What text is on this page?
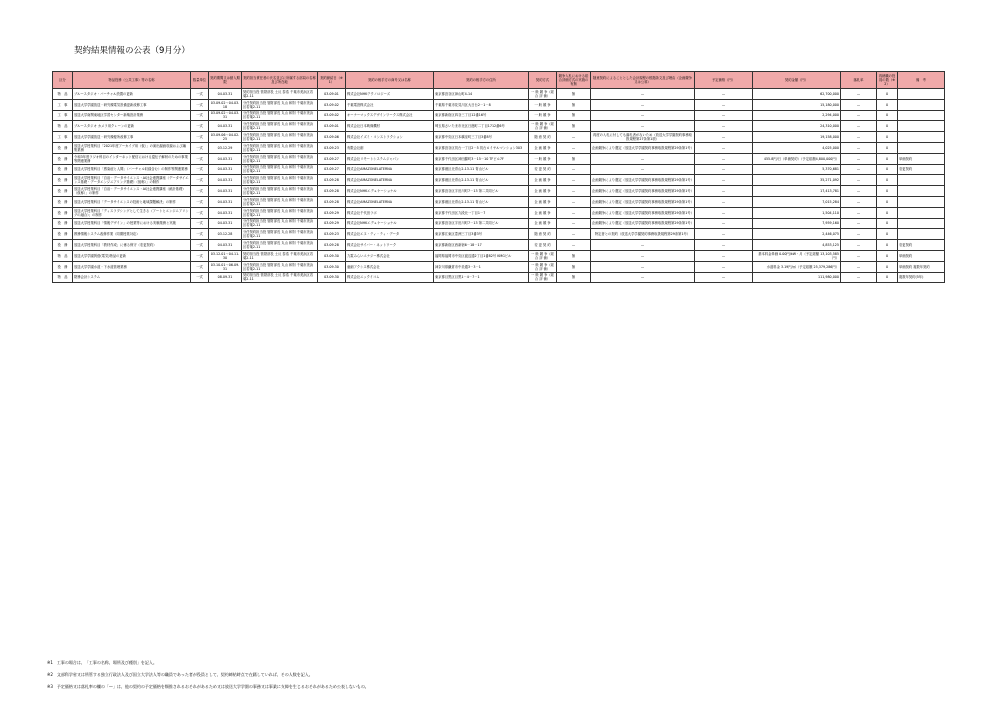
契約結果情報の公表（9月分）
区分	物品役務（公共工事）等の名称	数量単位	契約期間又は納入期限	契約担当責任者の氏名並びに所属する部局の名称及び所在地	契約締結日（※1）	契約の相手方の商号又は名称	契約の相手方の住所	契約方式	競争入札における総合評価方式の実施の有無	随意契約によることとした会計規程の根拠条文及び理由（企画競争又は公募）	予定価格（円）	契約金額（円）	落札率	再就職の役員の数（※2）	備　考
物　品	ブルースタジオ・バーチャル設置の更新	一式	04.03.31	契約担当役 管財部長 土反 泰浩 千葉市美浜区若葉2-11	03.09.01	株式会社NHKテクノロジーズ	東京都渋谷区神山町4-14	一 般 競 争（総 合 評 価）	無	—	—	62,700,000	—	0	
工　事	放送大学学園放送・研究棟電気設備更新改修工事	一式	03.09.02～04.03.18	分任契約担当役 管財部長 丸山 和則 千葉市美浜区若葉2-11	03.09.02	千葉電設株式会社	千葉県千葉市花見川区大日台2－1－8	一 般 競 争	無	—	—	15,180,000	—	0	
工　事	放送大学南関東地区学習センター新築設計業務	一式	03.09.02～04.03.31	分任契約担当役 管財部長 丸山 和則 千葉市美浜区若葉2-11	03.09.02	オーナーマックスデザインワークス株式会社	東京都新宿区四谷三丁目12番16号	一 般 競 争	無	—	—	2,294,000	—	0	
物　品	ブルースタジオ カメラ用クレーンの更新	一式	04.03.31	分任契約担当役 管財部長 丸山 和則 千葉市美浜区若葉2-11	03.09.01	株式会社日本映像機材	埼玉県さいたま市北区日進町二丁目1712番6号	一 般 競 争（総 合 評 価）	無	—	—	24,310,000	—	0	
工　事	放送大学学園放送・研究棟便所改修工事	一式	03.09.06～04.02.25	分任契約担当役 管財部長 丸山 和則 千葉市美浜区若葉2-11	03.09.06	株式会社イズミ・コンストラクション	東京都中央区日本橋室町三丁目3番8号	随 意 契 約	—	再度の入札に付しても落札者がないため（放送大学学園契約事務取扱規程第27条第1項）	—	19,158,000	—	0	
役　務	放送大学授業科目「2021年度アーカイブ用（仮）」の演出録画収録および編集業務	一式	03.12.29	分任契約担当役 管財部長 丸山 和則 千葉市美浜区若葉2-11	03.09.23	有限会社創	東京都渋谷区初台一丁目2－5 初台ロイヤルマンション303	企 画 競 争	—	企画競争により選定（放送大学学園契約事務取扱規程第29条第1号）	—	4,025,000	—	0	
役　務	令和3年度ラジオ科目のインターネット配信における遺伝子解析のための事業等関連業務	一式	04.03.31	分任契約担当役 管財部長 丸山 和則 千葉市美浜区若葉2-11	03.09.27	株式会社リモートシステムジャパン	東京都千代田区神田錦町3－15－10 TFビル7F	一 般 競 争	無	—	—	455.8円/日（単価契約）（予定総額4,800,000円）	—	0	単価契約
役　務	放送大学授業科目「感染症と人間」（バーチャル収録含む）の制作等関連業務	一式	04.03.31	分任契約担当役 管財部長 丸山 和則 千葉市美浜区若葉2-11	03.09.27	株式会社AMAZONELATERNA	東京都港区北青山2-13-11 青山ビル	変 更 契 約	—	—	—	5,370,681	—	0	変更契約
役　務	放送大学授業科目「自治・データサイエンス・AI社会連携講座（データサイエンス基礎・データエンジニアリング基礎）（仮称）」の制作	一式	04.03.31	分任契約担当役 管財部長 丸山 和則 千葉市美浜区若葉2-11	03.09.28	株式会社AMAZONELATERNA	東京都港区北青山2-13-11 青山ビル	企 画 競 争	—	企画競争により選定（放送大学学園契約事務取扱規程第29条第1号）	—	35,271,092	—	0	
役　務	放送大学授業科目「自治・データサイエンス・AI社会連携講座（統計基礎）（仮称）」の制作	一式	04.03.31	分任契約担当役 管財部長 丸山 和則 千葉市美浜区若葉2-11	03.09.28	株式会社NHKエデュケーショナル	東京都渋谷区宇田川町7－13 第二共同ビル	企 画 競 争	—	企画競争により選定（放送大学学園契約事務取扱規程第29条第1号）	—	17,413,781	—	0	
役　務	放送大学授業科目「データサイエンスの技術と地域課題解決」の制作	一式	04.03.31	分任契約担当役 管財部長 丸山 和則 千葉市美浜区若葉2-11	03.09.28	株式会社AMAZONELATERNA	東京都港区北青山2-13-11 青山ビル	企 画 競 争	—	企画競争により選定（放送大学学園契約事務取扱規程第29条第1号）	—	7,015,284	—	0	
役　務	放送大学授業科目「ディスラプシングとして生きる（アートとエンジニアリングの融合）」の制作	一式	04.03.31	分任契約担当役 管財部長 丸山 和則 千葉市美浜区若葉2-11	03.09.29	株式会社千代田ラボ	東京都千代田区九段北一丁目1－7	企 画 競 争	—	企画競争により選定（放送大学学園契約事務取扱規程第29条第1号）	—	1,504,110	—	0	
役　務	放送大学授業科目「情報デザイン」の授業等における実験業務と実施	一式	04.03.31	分任契約担当役 管財部長 丸山 和則 千葉市美浜区若葉2-11	03.09.29	株式会社NHKエデュケーショナル	東京都渋谷区宇田川町7－13 第二共同ビル	企 画 競 争	—	企画競争により選定（放送大学学園契約事務取扱規程第29条第1号）	—	7,959,160	—	0	
役　務	教務情報システム改修作業（同期授業対応）	一式	03.12.28	分任契約担当役 管財部長 丸山 和則 千葉市美浜区若葉2-11	03.09.23	株式会社エヌ・ティ・ティ・データ	東京都江東区豊洲三丁目3番3号	随 意 契 約	—	特定者との契約（放送大学学園契約事務取扱規程第29条第1号）	—	2,446,075	—	0	
役　務	放送大学授業科目「教材作成」に係る保守（変更契約）	一式	04.03.31	分任契約担当役 管財部長 丸山 和則 千葉市美浜区若葉2-11	03.09.28	株式会社サイバー・ネットワーク	東京都新宿区西新宿6－18－17	変 更 契 約	—	—	—	4,853,125	—	0	変更契約
物　品	放送大学学園賃借(電気)物品の更新	一式	03.12.01～04.11.30	契約担当役 管財部長 土反 泰浩 千葉市美浜区若葉2-11	03.09.30	九電みらいエナジー株式会社	福岡県福岡市中央区渡辺通2丁目1番82号 KMGビル	一 般 競 争（総 合 評 価）	無	—	—	基本料金単価 0.00円/kW・月（予定総額 13,103,585円）	—	0	単価契約
役　務	放送大学学園水道・下水道管理業務	一式	03.10.01～06.09.31	分任契約担当役 管財部長 丸山 和則 千葉市美浜区若葉2-11	03.09.30	亜細アクシス株式会社	神奈川県鎌倉市中央通3－3－1	一 般 競 争（総 合 評 価）	無	—	—	水道料金 3.19円/㎥（予定総額 25,379,286円）	—	0	単価契約 複数年契約
物　品	財務会計システム	一式	08.09.31	契約担当役 管財部長 土反 泰浩 千葉市美浜区若葉2-11	03.09.30	株式会社ニックイコム	東京都目黒区目黒1－4－7－1	一 般 競 争（総 合 評 価）	無	—	—	111,980,000	—	0	複数年契約(5年)
※1　工事の場合は、「工事の名称、場所及び種別」を記入。
※2　文部科学省又は所管する独立行政法人及び国立大学法人等の職員であった者が役員として、契約締結時点で在籍していれば、その人数を記入。
※3　予定価格又は落札率の欄の「—」は、他の契約の予定価格を類推されるおそれがあるため又は放送大学学園の事務又は事業に支障を生じるおそれがあるため公表しないもの。
